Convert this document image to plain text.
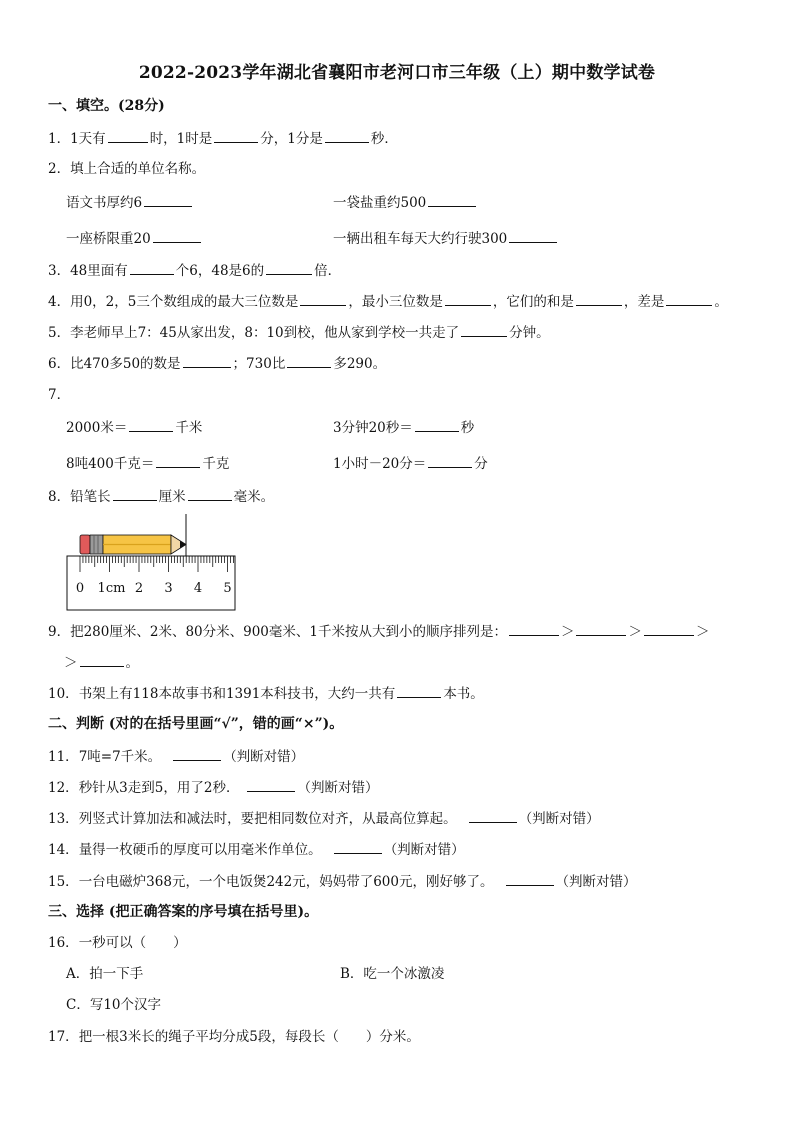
2022-2023学年湖北省襄阳市老河口市三年级（上）期中数学试卷
一、填空。(28分)
1．1天有	时，1时是	分，1分是	秒．
2．填上合适的单位名称。
语文书厚约6	一袋盐重约500
一座桥限重20	一辆出租车每天大约行驶300
3．48里面有	个6，48是6的	倍．
4．用0，2，5三个数组成的最大三位数是	，最小三位数是	，它们的和是	，差是	。
5．李老师早上7：45从家出发，8：10到校，他从家到学校一共走了	分钟。
6．比470多50的数是	；730比	多290。
7．
2000米＝	千米	3分钟20秒＝	秒
8吨400千克＝	千克	1小时－20分＝	分
8．铅笔长	厘米	毫米。
0 1cm 2 3 4 5
9．把280厘米、2米、80分米、900毫米、1千米按从大到小的顺序排列是：	＞	＞	＞
＞	。
10．书架上有118本故事书和1391本科技书，大约一共有	本书。
二、判断 (对的在括号里画“√”，错的画“×”)。
11．7吨=7千米。	（判断对错）
12．秒针从3走到5，用了2秒．	（判断对错）
13．列竖式计算加法和减法时，要把相同数位对齐，从最高位算起。	（判断对错）
14．量得一枚硬币的厚度可以用毫米作单位。	（判断对错）
15．一台电磁炉368元，一个电饭煲242元，妈妈带了600元，刚好够了。	（判断对错）
三、选择 (把正确答案的序号填在括号里)。
16．一秒可以（　　）
A．拍一下手	B．吃一个冰激凌
C．写10个汉字
17．把一根3米长的绳子平均分成5段，每段长（　　）分米。
